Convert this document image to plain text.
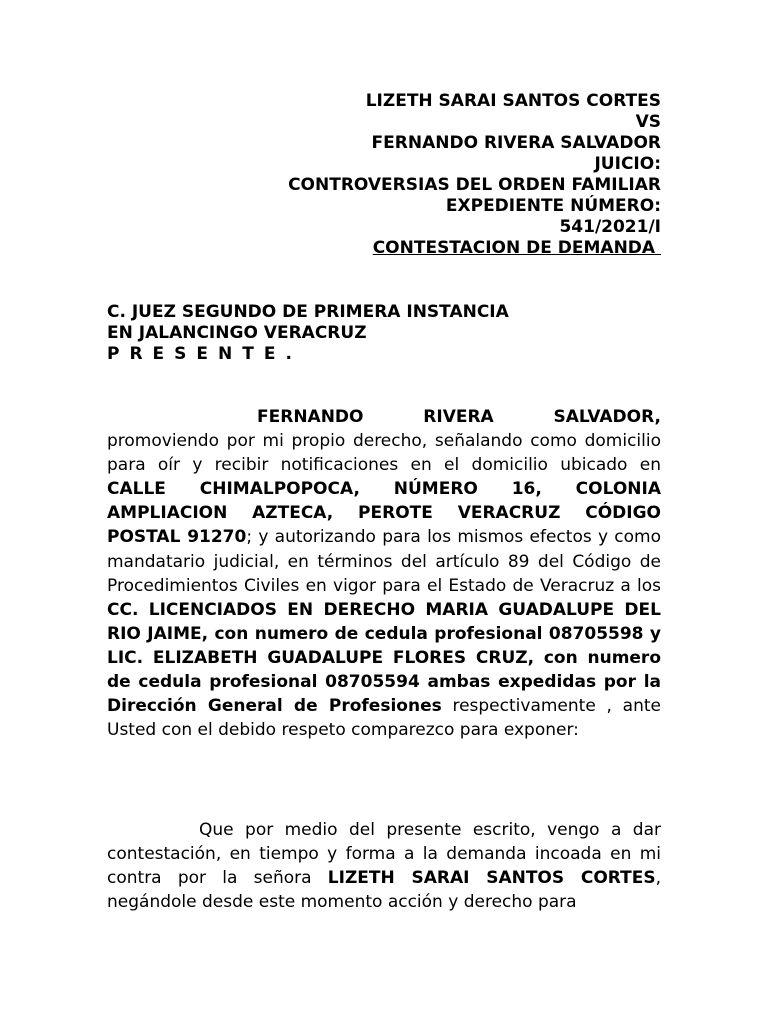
LIZETH SARAI SANTOS CORTES
VS
FERNANDO RIVERA SALVADOR
JUICIO:
CONTROVERSIAS DEL ORDEN FAMILIAR
EXPEDIENTE NÚMERO:
541/2021/I
CONTESTACION DE DEMANDA
C. JUEZ SEGUNDO DE PRIMERA INSTANCIA
EN JALANCINGO VERACRUZ
PRESENTE.
FERNANDO RIVERA SALVADOR, promoviendo por mi propio derecho, señalando como domicilio para oír y recibir notificaciones en el domicilio ubicado en CALLE CHIMALPOPOCA, NÚMERO 16, COLONIA AMPLIACION AZTECA, PEROTE VERACRUZ CÓDIGO POSTAL 91270; y autorizando para los mismos efectos y como mandatario judicial, en términos del artículo 89 del Código de Procedimientos Civiles en vigor para el Estado de Veracruz a los CC. LICENCIADOS EN DERECHO MARIA GUADALUPE DEL RIO JAIME, con numero de cedula profesional 08705598 y LIC. ELIZABETH GUADALUPE FLORES CRUZ, con numero de cedula profesional 08705594 ambas expedidas por la Dirección General de Profesiones respectivamente , ante Usted con el debido respeto comparezco para exponer:
Que por medio del presente escrito, vengo a dar contestación, en tiempo y forma a la demanda incoada en mi contra por la señora LIZETH SARAI SANTOS CORTES, negándole desde este momento acción y derecho para
